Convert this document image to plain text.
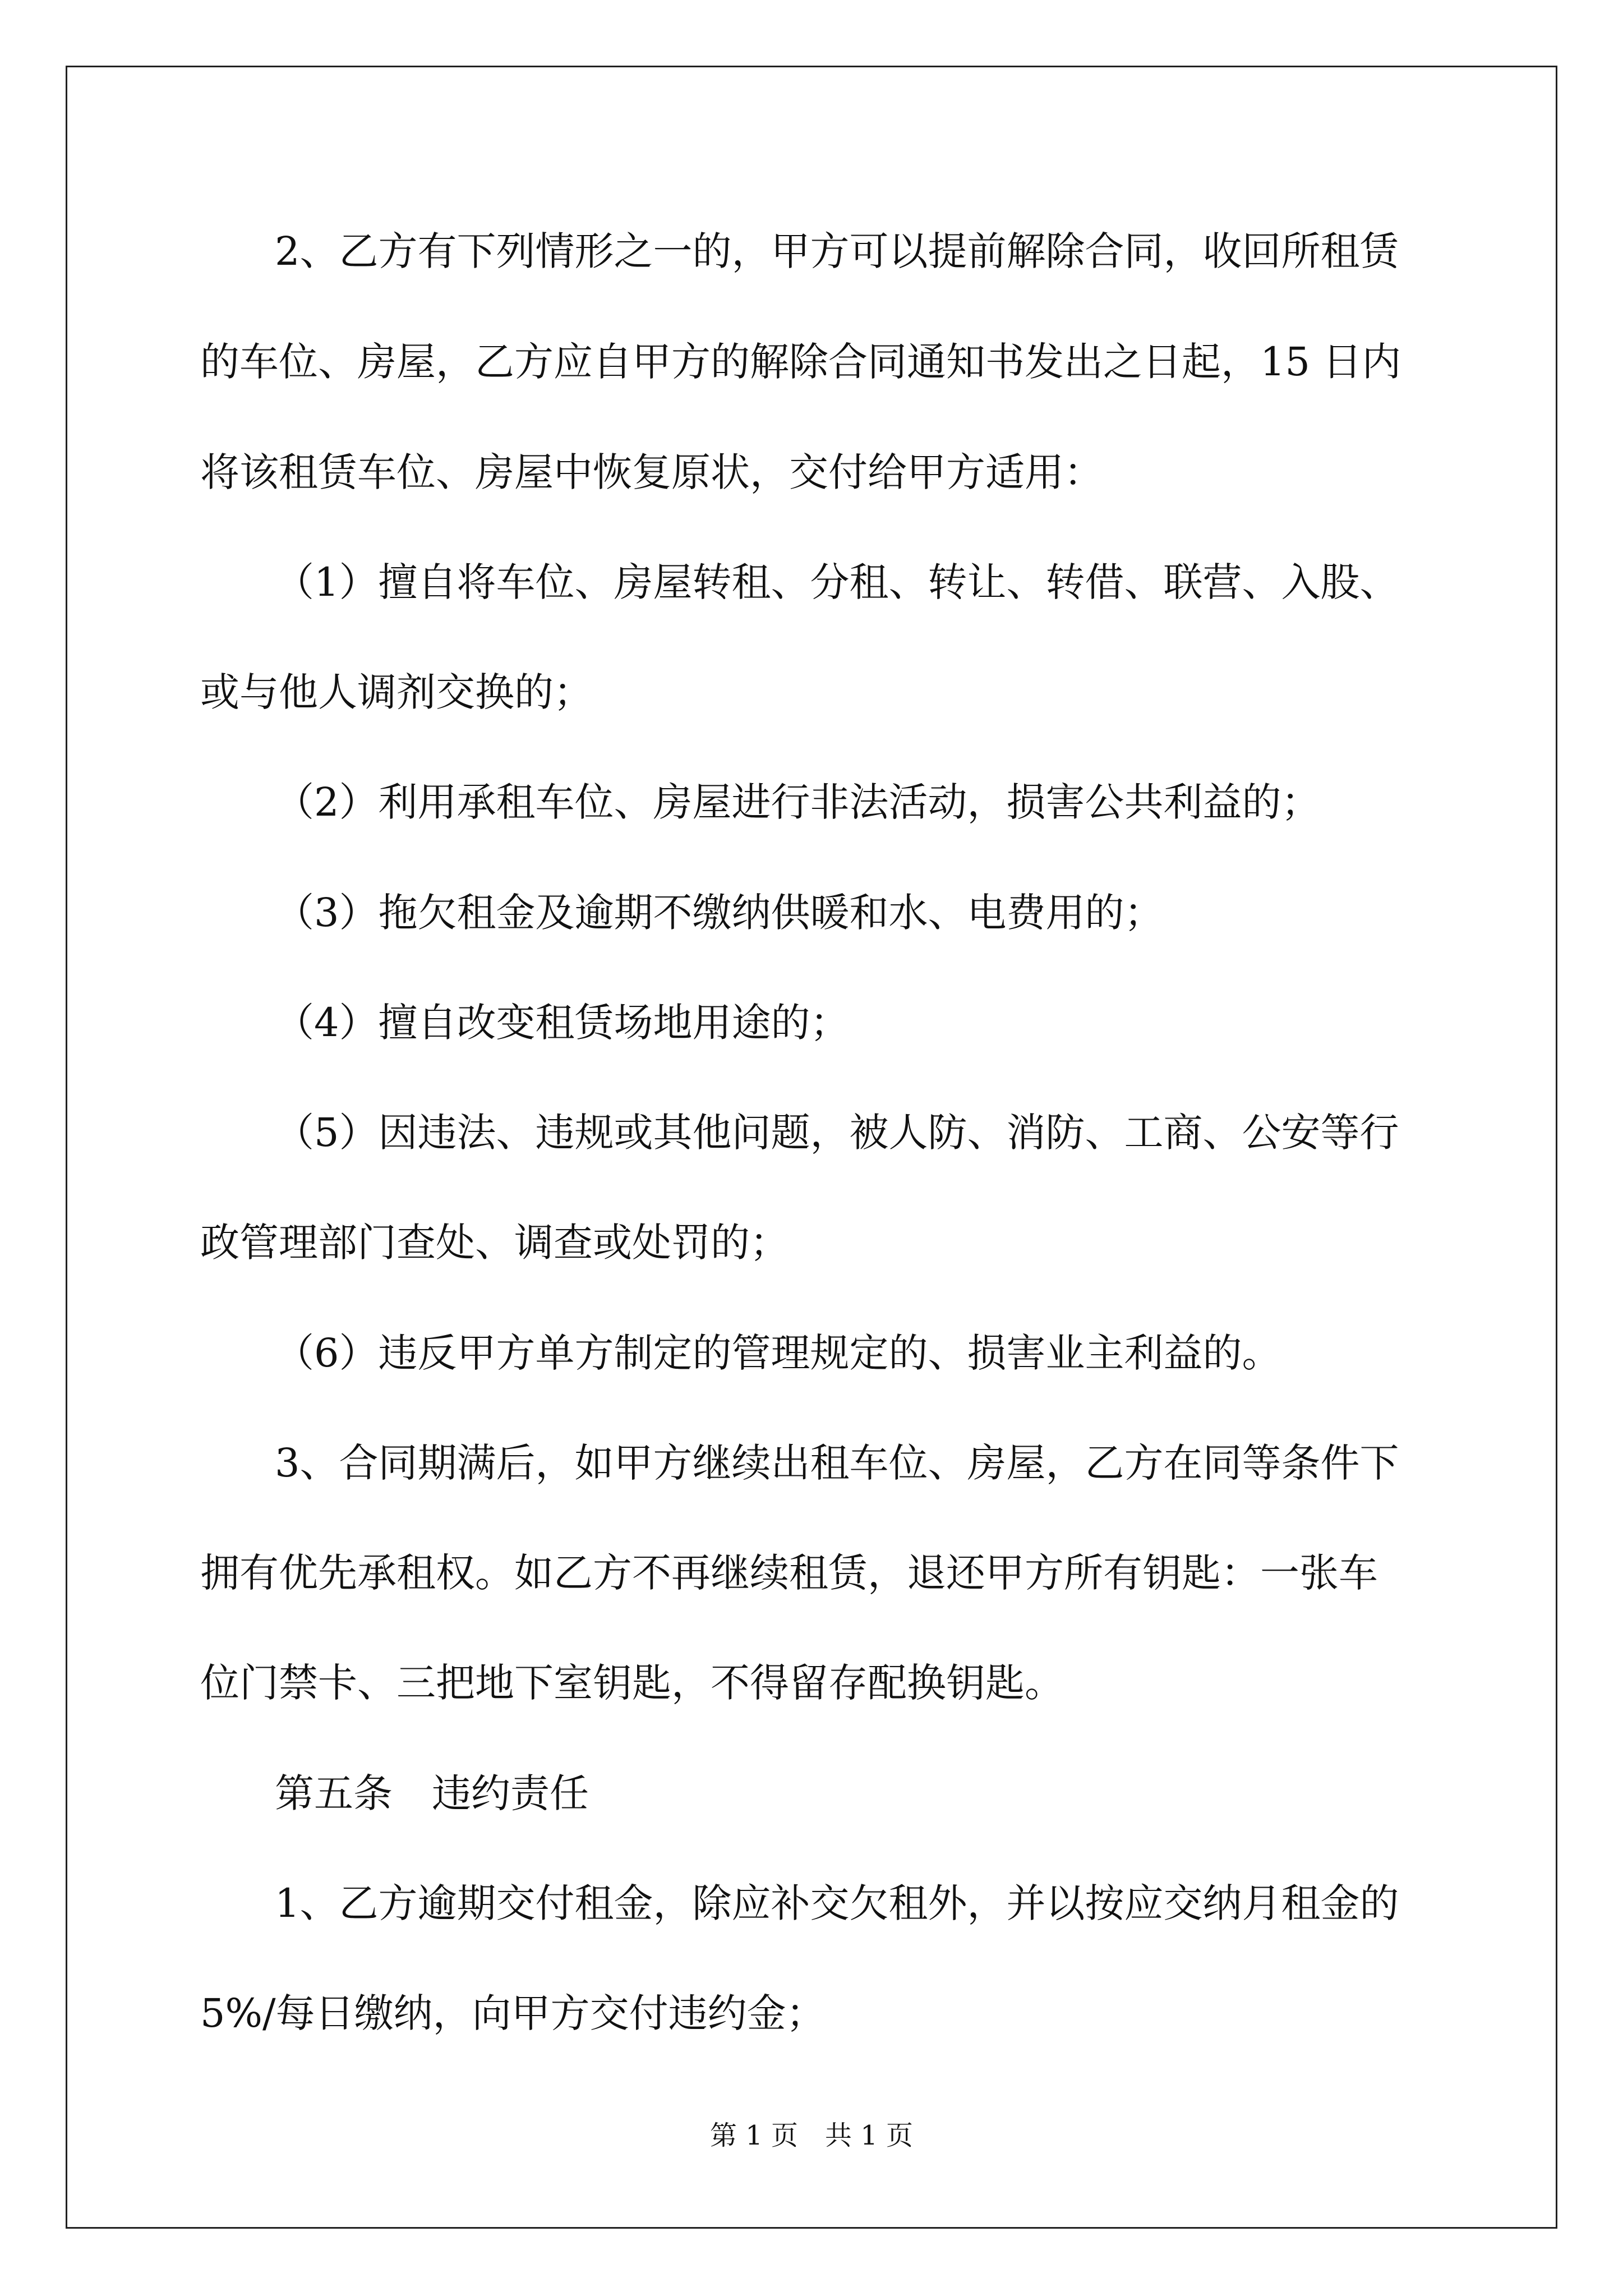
2、乙方有下列情形之一的，甲方可以提前解除合同，收回所租赁
的车位、房屋，乙方应自甲方的解除合同通知书发出之日起，15 日内
将该租赁车位、房屋中恢复原状，交付给甲方适用：
（1）擅自将车位、房屋转租、分租、转让、转借、联营、入股、
或与他人调剂交换的；
（2）利用承租车位、房屋进行非法活动，损害公共利益的；
（3）拖欠租金及逾期不缴纳供暖和水、电费用的；
（4）擅自改变租赁场地用途的；
（5）因违法、违规或其他问题，被人防、消防、工商、公安等行
政管理部门查处、调查或处罚的；
（6）违反甲方单方制定的管理规定的、损害业主利益的。
3、合同期满后，如甲方继续出租车位、房屋，乙方在同等条件下
拥有优先承租权。如乙方不再继续租赁，退还甲方所有钥匙：一张车
位门禁卡、三把地下室钥匙，不得留存配换钥匙。
第五条　违约责任
1、乙方逾期交付租金，除应补交欠租外，并以按应交纳月租金的
5%/每日缴纳，向甲方交付违约金；
第 1 页　共 1 页
